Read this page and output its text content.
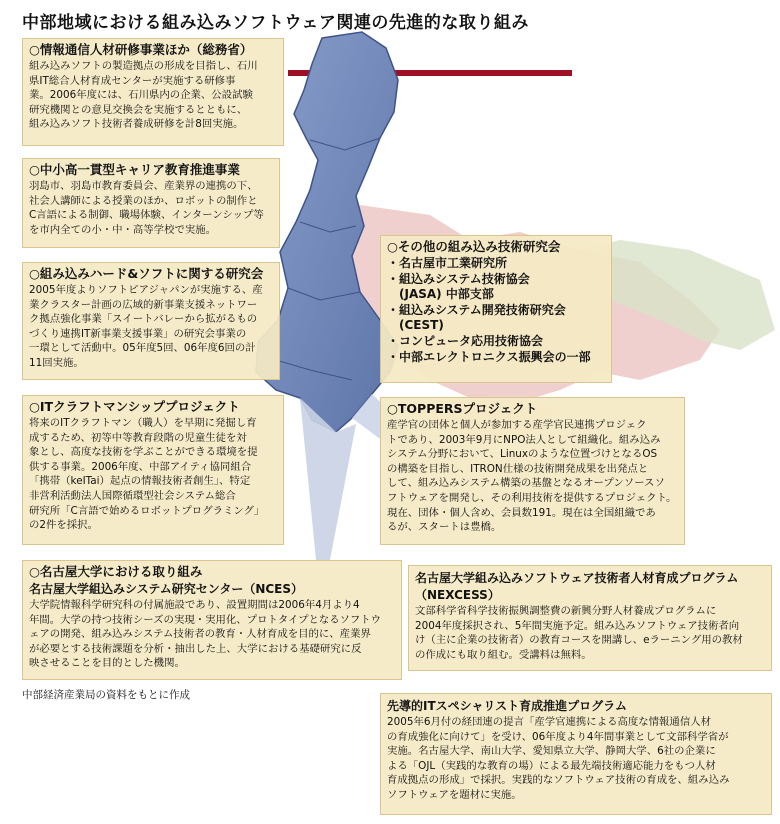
中部地域における組み込みソフトウェア関連の先進的な取り組み
○情報通信人材研修事業ほか（総務省）

組み込みソフトの製造拠点の形成を目指し、石川

県IT総合人材育成センターが実施する研修事

業。2006年度には、石川県内の企業、公設試験

研究機関との意見交換会を実施するとともに、

組み込みソフト技術者養成研修を計8回実施。

○中小高一貫型キャリア教育推進事業

羽島市、羽島市教育委員会、産業界の連携の下、

社会人講師による授業のほか、ロボットの制作と

C言語による制御、職場体験、インターンシップ等

を市内全ての小・中・高等学校で実施。

○組み込みハード&ソフトに関する研究会

2005年度よりソフトピアジャパンが実施する、産

業クラスター計画の広域的新事業支援ネットワー

ク拠点強化事業「スイートバレーから拡がるもの

づくり連携IT新事業支援事業」の研究会事業の

一環として活動中。05年度5回、06年度6回の計

11回実施。

○その他の組み込み技術研究会
・名古屋市工業研究所
・組込みシステム技術協会
　(JASA) 中部支部
・組込みシステム開発技術研究会
　(CEST)
・コンピュータ応用技術協会
・中部エレクトロニクス振興会の一部
○ITクラフトマンシッププロジェクト

将来のITクラフトマン（職人）を早期に発掘し育

成するため、初等中等教育段階の児童生徒を対

象とし、高度な技術を学ぶことができる環境を提

供する事業。2006年度、中部アイティ協同組合

「携帯（keITai）起点の情報技術者創生」、特定

非営利活動法人国際循環型社会システム総合

研究所「C言語で始めるロボットプログラミング」

の2件を採択。

○TOPPERSプロジェクト

産学官の団体と個人が参加する産学官民連携プロジェク

トであり、2003年9月にNPO法人として組織化。組み込み

システム分野において、Linuxのような位置づけとなるOS

の構築を目指し、ITRON仕様の技術開発成果を出発点と

して、組み込みシステム構築の基盤となるオープンソースソ

フトウェアを開発し、その利用技術を提供するプロジェクト。

現在、団体・個人含め、会員数191。現在は全国組織であ

るが、スタートは豊橋。

○名古屋大学における取り組み
名古屋大学組込みシステム研究センター（NCES）

大学院情報科学研究科の付属施設であり、設置期間は2006年4月より4

年間。大学の持つ技術シーズの実現・実用化、プロトタイプとなるソフトウ

ェアの開発、組み込みシステム技術者の教育・人材育成を目的に、産業界

が必要とする技術課題を分析・抽出した上、大学における基礎研究に反

映させることを目的とした機関。

名古屋大学組み込みソフトウェア技術者人材育成プログラム
（NEXCESS）

文部科学省科学技術振興調整費の新興分野人材養成プログラムに

2004年度採択され、5年間実施予定。組み込みソフトウェア技術者向

け（主に企業の技術者）の教育コースを開講し、eラーニング用の教材

の作成にも取り組む。受講料は無料。

先導的ITスペシャリスト育成推進プログラム

2005年6月付の経団連の提言「産学官連携による高度な情報通信人材

の育成強化に向けて」を受け、06年度より4年間事業として文部科学省が

実施。名古屋大学、南山大学、愛知県立大学、静岡大学、6社の企業に

よる「OJL（実践的な教育の場）による最先端技術適応能力をもつ人材

育成拠点の形成」で採択。実践的なソフトウェア技術の育成を、組み込み

ソフトウェアを題材に実施。

中部経済産業局の資料をもとに作成
